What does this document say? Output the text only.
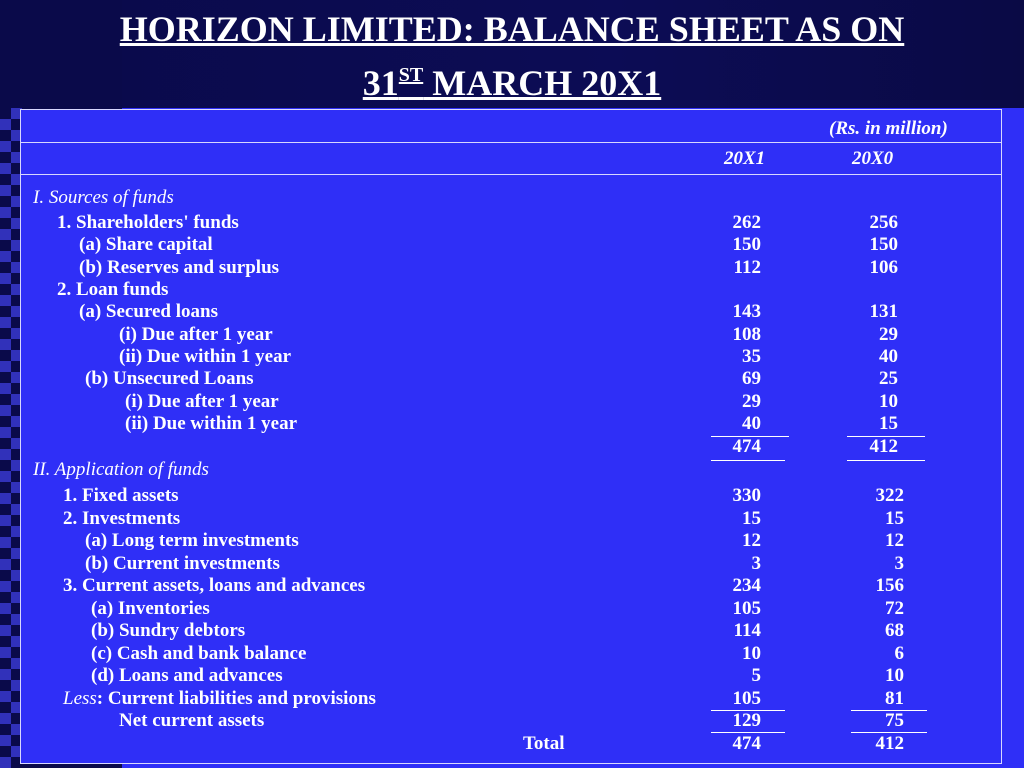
HORIZON LIMITED: BALANCE SHEET AS ON
31ST MARCH 20X1
(Rs. in million)
20X1	20X0
I. Sources of funds
1. Shareholders' funds	262	256
(a) Share capital	150	150
(b) Reserves and surplus	112	106
2. Loan funds
(a) Secured loans	143	131
(i) Due after 1 year	108	29
(ii) Due within 1 year	35	40
(b) Unsecured Loans	69	25
(i) Due after 1 year	29	10
(ii) Due within 1 year	40	15
474	412
II. Application of funds
1. Fixed assets	330	322
2. Investments	15	15
(a) Long term investments	12	12
(b) Current investments	3	3
3. Current assets, loans and advances	234	156
(a) Inventories	105	72
(b) Sundry debtors	114	68
(c) Cash and bank balance	10	6
(d) Loans and advances	5	10
Less: Current liabilities and provisions	105	81
Net current assets	129	75
Total	474	412
